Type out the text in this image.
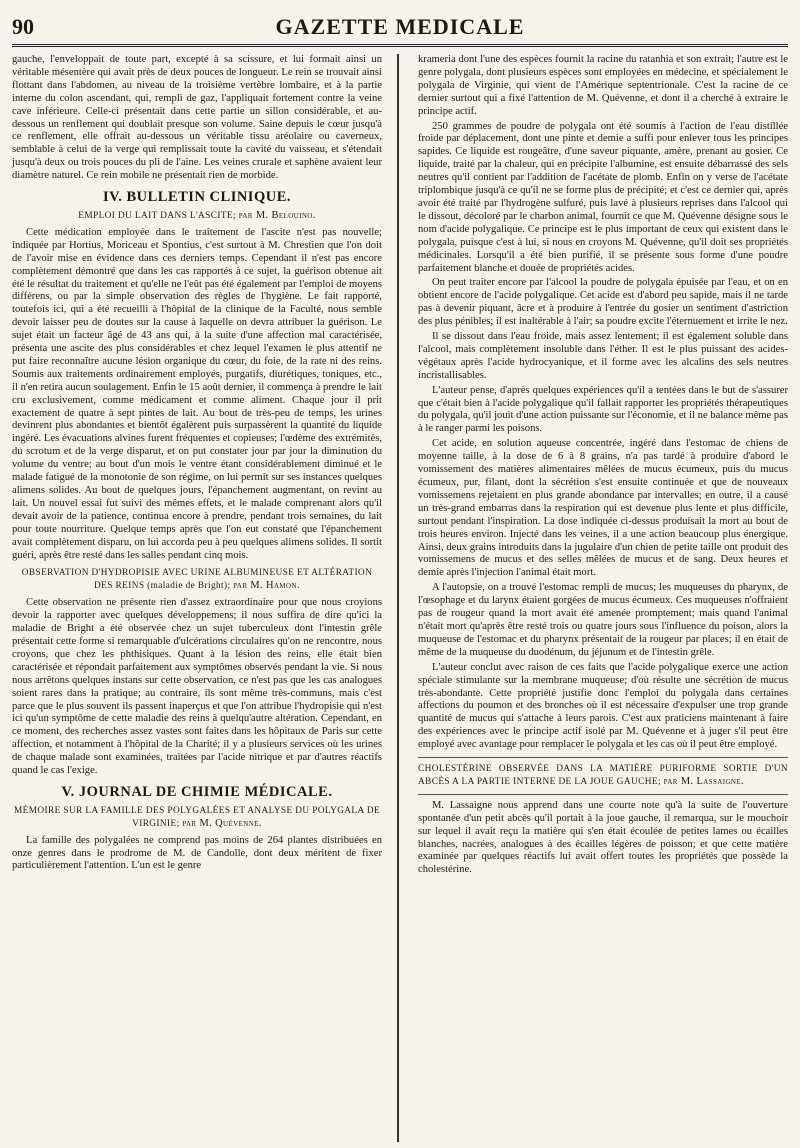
90	GAZETTE MEDICALE

gauche, l'enveloppait de toute part, excepté à sa scissure, et lui formait ainsi un véritable mésentère qui avait près de deux pouces de longueur. Le rein se trouvait ainsi flottant dans l'abdomen, au niveau de la troisième vertèbre lombaire, et à la partie interne du colon ascendant, qui, rempli de gaz, l'appliquait fortement contre la veine cave inférieure. Celle-ci présentait dans cette partie un sillon considérable, et au-dessous un renflement qui doublait presque son volume. Saine depuis le cœur jusqu'à ce renflement, elle offrait au-dessous un véritable tissu aréolaire ou caverneux, semblable à celui de la verge qui remplissait toute la cavité du vaisseau, et s'étendait jusqu'à deux ou trois pouces du pli de l'aine. Les veines crurale et saphène avaient leur diamètre naturel. Ce rein mobile ne présentait rien de morbide.

IV. BULLETIN CLINIQUE.
EMPLOI DU LAIT DANS L'ASCITE; par M. Belouino.

Cette médication employée dans le traitement de l'ascite n'est pas nouvelle; indiquée par Hortius, Moriceau et Spontius, c'est surtout à M. Chrestien que l'on doit de l'avoir mise en évidence dans ces derniers temps. Cependant il n'est pas encore complètement démontré que dans les cas rapportés à ce sujet, la guérison obtenue ait été le résultat du traitement et qu'elle ne l'eût pas été également par l'emploi de moyens différens, ou par la simple observation des règles de l'hygiène. Le fait rapporté, toutefois ici, qui a été recueilli à l'hôpital de la clinique de la Faculté, nous semble devoir laisser peu de doutes sur la cause à laquelle on devra attribuer la guérison. Le sujet était un facteur âgé de 43 ans qui, à la suite d'une affection mal caractérisée, présenta une ascite des plus considérables et chez lequel l'examen le plus attentif ne put faire reconnaître aucune lésion organique du cœur, du foie, de la rate ni des reins. Soumis aux traitements ordinairement employés, purgatifs, diurétiques, toniques, etc., il n'en retira aucun soulagement. Enfin le 15 août dernier, il commença à prendre le lait cru exclusivement, comme médicament et comme aliment. Chaque jour il prit exactement de quatre à sept pintes de lait. Au bout de très-peu de temps, les urines devinrent plus abondantes et bientôt égalèrent puis surpassèrent la quantité du liquide ingéré. Les évacuations alvines furent fréquentes et copieuses; l'œdème des extrémités, du scrotum et de la verge disparut, et on put constater jour par jour la diminution du volume du ventre; au bout d'un mois le ventre étant considérablement diminué et le malade fatigué de la monotonie de son régime, on lui permit sur ses instances quelques alimens solides. Au bout de quelques jours, l'épanchement augmentant, on revint au lait. Un nouvel essai fut suivi des mêmes effets, et le malade comprenant alors qu'il devait avoir de la patience, continua encore à prendre, pendant trois semaines, du lait pour toute nourriture. Quelque temps après que l'on eut constaté que l'épanchement avait complètement disparu, on lui accorda peu à peu quelques alimens solides. Il sortit guéri, après être resté dans les salles pendant cinq mois.

OBSERVATION D'HYDROPISIE AVEC URINE ALBUMINEUSE ET ALTÉRATION DES REINS (maladie de Bright); par M. Hamon.

Cette observation ne présente rien d'assez extraordinaire pour que nous croyions devoir la rapporter avec quelques développemens; il nous suffira de dire qu'ici la maladie de Bright a été observée chez un sujet tuberculeux dont l'intestin grêle présentait cette forme si remarquable d'ulcérations circulaires qu'on ne rencontre, nous croyons, que chez les phthisiques. Quant à la lésion des reins, elle était bien caractérisée et répondait parfaitement aux symptômes observés pendant la vie. Si nous nous arrêtons quelques instans sur cette observation, ce n'est pas que les cas analogues soient rares dans la pratique; au contraire, ils sont même très-communs, mais c'est parce que le plus souvent ils passent inaperçus et que l'on attribue l'hydropisie qui n'est ici qu'un symptôme de cette maladie des reins à quelqu'autre altération. Cependant, en ce moment, des recherches assez vastes sont faites dans les hôpitaux de Paris sur cette affection, et notamment à l'hôpital de la Charité; il y a plusieurs services où les urines de chaque malade sont examinées, traitées par l'acide nitrique et par d'autres réactifs quand le cas l'exige.

V. JOURNAL DE CHIMIE MÉDICALE.
MÉMOIRE SUR LA FAMILLE DES POLYGALÉES ET ANALYSE DU POLYGALA DE VIRGINIE; par M. Quévenne.

La famille des polygalées ne comprend pas moins de 264 plantes distribuées en onze genres dans le prodrome de M. de Candolle, dont deux méritent de fixer particulièrement l'attention. L'un est le genre

krameria dont l'une des espèces fournit la racine du ratanhia et son extrait; l'autre est le genre polygala, dont plusieurs espèces sont employées en médecine, et spécialement le polygala de Virginie, qui vient de l'Amérique septentrionale. C'est la racine de ce dernier surtout qui a fixé l'attention de M. Quévenne, et dont il a cherché à extraire le principe actif.

250 grammes de poudre de polygala ont été soumis à l'action de l'eau distillée froide par déplacement, dont une pinte et demie a suffi pour enlever tous les principes sapides. Ce liquide est rougeâtre, d'une saveur piquante, amère, prenant au gosier. Ce liquide, traité par la chaleur, qui en précipite l'albumine, est ensuite débarrassé des sels neutres qu'il contient par l'addition de l'acétate de plomb. Enfin on y verse de l'acétate triplombique jusqu'à ce qu'il ne se forme plus de précipité; et c'est ce dernier qui, après avoir été traité par l'hydrogène sulfuré, puis lavé à plusieurs reprises dans l'alcool qui le dissout, décoloré par le charbon animal, fournit ce que M. Quévenne désigne sous le nom d'acide polygalique. Ce principe est le plus important de ceux qui existent dans le polygala, puisque c'est à lui, si nous en croyons M. Quévenne, qu'il doit ses propriétés médicinales. Lorsqu'il a été bien purifié, il se présente sous forme d'une poudre parfaitement blanche et douée de propriétés acides.

On peut traiter encore par l'alcool la poudre de polygala épuisée par l'eau, et on en obtient encore de l'acide polygalique. Cet acide est d'abord peu sapide, mais il ne tarde pas à devenir piquant, âcre et à produire à l'entrée du gosier un sentiment d'astriction des plus pénibles; il est inaltérable à l'air; sa poudre excite l'éternuement et irrite le nez.

Il se dissout dans l'eau froide, mais assez lentement; il est également soluble dans l'alcool, mais complètement insoluble dans l'éther. Il est le plus puissant des acides-végétaux après l'acide hydrocyanique, et il forme avec les alcalins des sels neutres incristallisables.

L'auteur pense, d'après quelques expériences qu'il a tentées dans le but de s'assurer que c'était bien à l'acide polygalique qu'il fallait rapporter les propriétés thérapeutiques du polygala, qu'il jouit d'une action puissante sur l'économie, et il ne balance même pas à le ranger parmi les poisons.

Cet acide, en solution aqueuse concentrée, ingéré dans l'estomac de chiens de moyenne taille, à la dose de 6 à 8 grains, n'a pas tardé à produire d'abord le vomissement des matières alimentaires mêlées de mucus écumeux, puis du mucus écumeux, pur, filant, dont la sécrétion s'est ensuite continuée et que de nouveaux vomissemens rejetaient en plus grande abondance par intervalles; en outre, il a causé un très-grand embarras dans la respiration qui est devenue plus lente et plus difficile, surtout pendant l'inspiration. La dose indiquée ci-dessus produisait la mort au bout de trois heures environ. Injecté dans les veines, il a une action beaucoup plus énergique. Ainsi, deux grains introduits dans la jugulaire d'un chien de petite taille ont produit des vomissemens de mucus et des selles mêlées de mucus et de sang. Deux heures et demie après l'injection l'animal était mort.

A l'autopsie, on a trouvé l'estomac rempli de mucus; les muqueuses du pharynx, de l'œsophage et du larynx étaient gorgées de mucus écumeux. Ces muqueuses n'offraient pas de rougeur quand la mort avait été amenée promptement; mais quand l'animal n'était mort qu'après être resté trois ou quatre jours sous l'influence du poison, alors la muqueuse de l'estomac et du pharynx présentait de la rougeur par places; il en était de même de la muqueuse du duodénum, du jéjunum et de l'intestin grêle.

L'auteur conclut avec raison de ces faits que l'acide polygalique exerce une action spéciale stimulante sur la membrane muqueuse; d'où résulte une sécrétion de mucus très-abondante. Cette propriété justifie donc l'emploi du polygala dans certaines affections du poumon et des bronches où il est nécessaire d'expulser une trop grande quantité de mucus qui s'attache à leurs parois. C'est aux praticiens maintenant à faire des expériences avec le principe actif isolé par M. Quévenne et à juger s'il peut être employé avec avantage pour remplacer le polygala et les cas où il peut être employé.

CHOLESTÉRINE OBSERVÉE DANS LA MATIÈRE PURIFORME SORTIE D'UN ABCÈS A LA PARTIE INTERNE DE LA JOUE GAUCHE; par M. Lassaigne.

M. Lassaigne nous apprend dans une courte note qu'à la suite de l'ouverture spontanée d'un petit abcès qu'il portait à la joue gauche, il remarqua, sur le mouchoir sur lequel il avait reçu la matière qui s'en était écoulée de petites lames ou écailles blanches, nacrées, analogues à des écailles légères de poisson; et que cette matière examinée par quelques réactifs lui avait offert toutes les propriétés que possède la cholestérine.
